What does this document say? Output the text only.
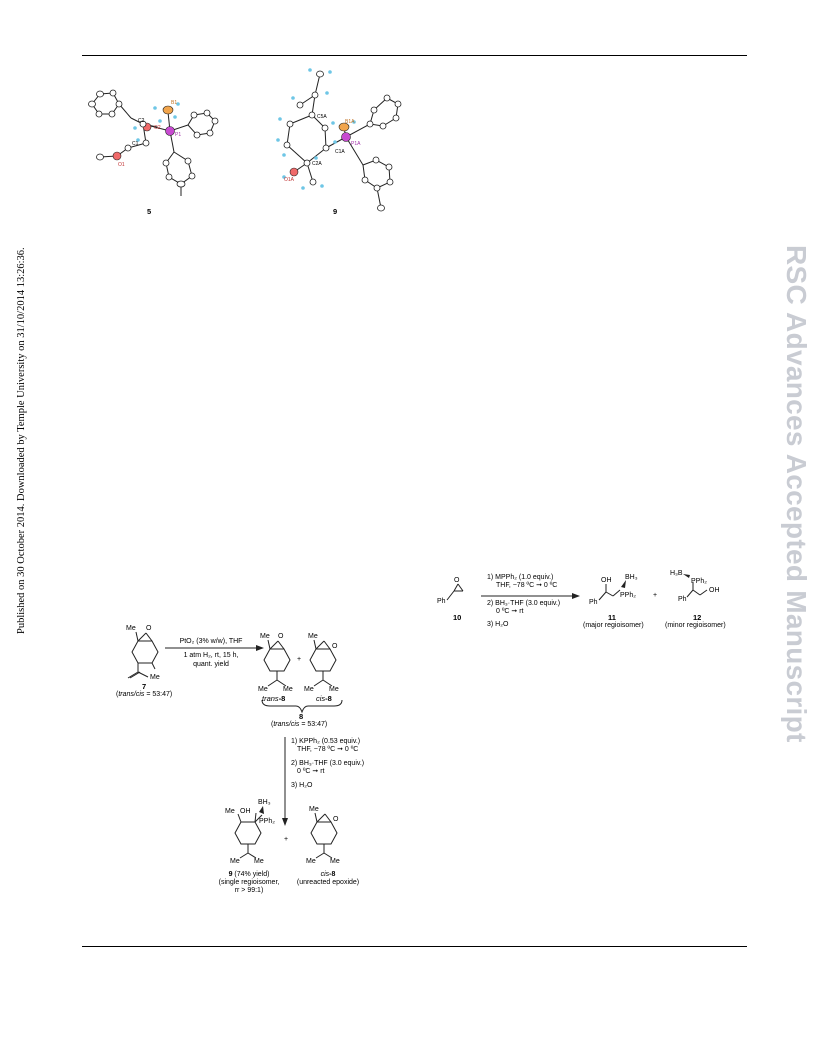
Published on 30 October 2014. Downloaded by Temple University on 31/10/2014 13:26:36.	RSC Advances Accepted Manuscript
B1
O2
C1
C2
P1
O1
5
C5A
B1A
C1A
P1A
C2A
O1A
9
Me O
Me
7
(trans/cis = 53:47)
PtO₂ (3% w/w), THF
1 atm H₂, rt, 15 h,
quant. yield
Me O
Me Me
+
Me
O
Me Me
trans-8	cis-8
8
(trans/cis = 53:47)
1) KPPh₂ (0.53 equiv.)
THF, −78 ºC ➞ 0 ºC
2) BH₃·THF (3.0 equiv.)
0 ºC ➞ rt
3) H₂O
BH₃
Me OH
PPh₂
Me Me
+
Me
O
Me Me
9 (74% yield)
(single regioisomer,
rr > 99:1)
cis-8
(unreacted epoxide)
O
Ph
10
1) MPPh₂ (1.0 equiv.)
THF, −78 ºC ➞ 0 ºC
2) BH₃·THF (3.0 equiv.)
0 ºC ➞ rt
3) H₂O
BH₃
OH
PPh₂
Ph
11
(major regioisomer)
+
H₃B
PPh₂
Ph
OH
12
(minor regioisomer)
